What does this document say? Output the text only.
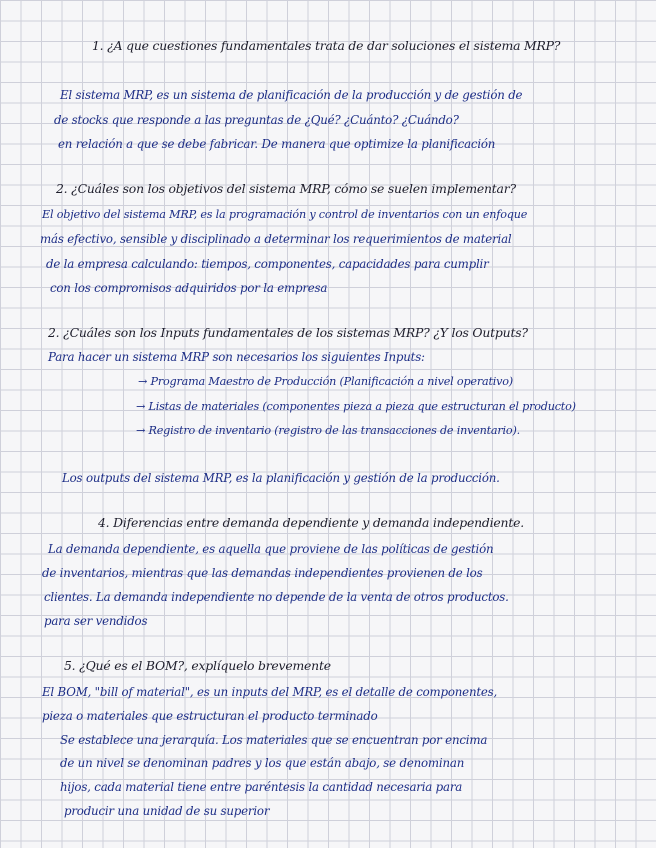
1. ¿A que cuestiones fundamentales trata de dar soluciones el sistema MRP?

El sistema MRP, es un sistema de planificación de la producción y de gestión de

de stocks que responde a las preguntas de ¿Qué? ¿Cuánto? ¿Cuándo?

en relación a que se debe fabricar. De manera que optimize la planificación

2. ¿Cuáles son los objetivos del sistema MRP, cómo se suelen implementar?

El objetivo del sistema MRP, es la programación y control de inventarios con un enfoque

más efectivo, sensible y disciplinado a determinar los requerimientos de material

de la empresa calculando: tiempos, componentes, capacidades para cumplir

con los compromisos adquiridos por la empresa

2. ¿Cuáles son los Inputs fundamentales de los sistemas MRP? ¿Y los Outputs?

Para hacer un sistema MRP son necesarios los siguientes Inputs:

→ Programa Maestro de Producción (Planificación a nivel operativo)

→ Listas de materiales (componentes pieza a pieza que estructuran el producto)

→ Registro de inventario (registro de las transacciones de inventario).

Los outputs del sistema MRP, es la planificación y gestión de la producción.

4. Diferencias entre demanda dependiente y demanda independiente.

La demanda dependiente, es aquella que proviene de las políticas de gestión

de inventarios, mientras que las demandas independientes provienen de los

clientes. La demanda independiente no depende de la venta de otros productos.

para ser vendidos

5. ¿Qué es el BOM?, explíquelo brevemente

El BOM, "bill of material", es un inputs del MRP, es el detalle de componentes,

pieza o materiales que estructuran el producto terminado

Se establece una jerarquía. Los materiales que se encuentran por encima

de un nivel se denominan padres y los que están abajo, se denominan

hijos, cada material tiene entre paréntesis la cantidad necesaria para

producir una unidad de su superior
